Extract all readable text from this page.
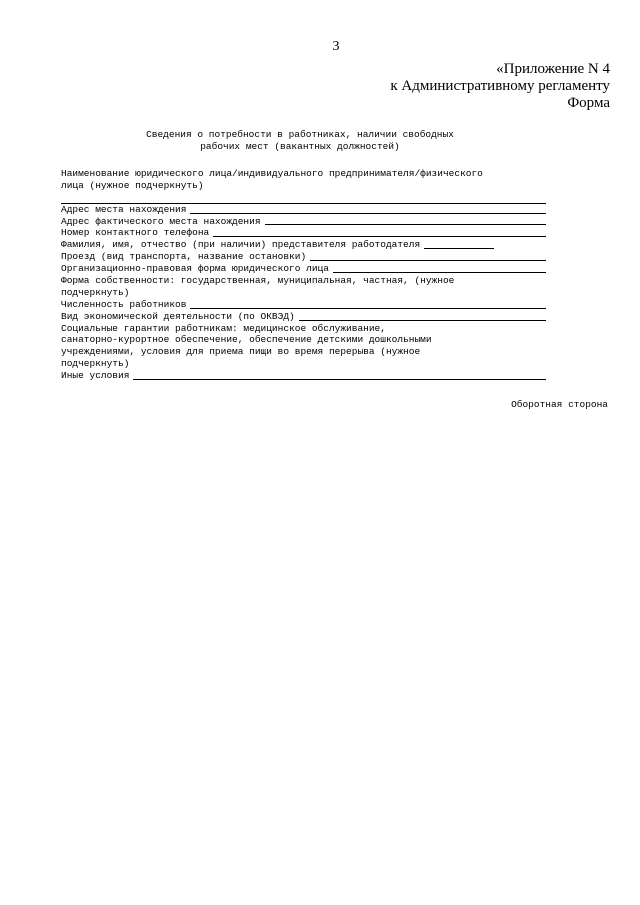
3
«Приложение N 4
к Административному регламенту
Форма
Сведения о потребности в работниках, наличии свободных
рабочих мест (вакантных должностей)
Наименование юридического лица/индивидуального предпринимателя/физического
лица (нужное подчеркнуть)
Адрес места нахождения
Адрес фактического места нахождения
Номер контактного телефона
Фамилия, имя, отчество (при наличии) представителя работодателя
Проезд (вид транспорта, название остановки)
Организационно-правовая форма юридического лица
Форма собственности: государственная, муниципальная, частная, (нужное
подчеркнуть)
Численность работников
Вид экономической деятельности (по ОКВЭД)
Социальные гарантии работникам: медицинское обслуживание,
санаторно-курортное обеспечение, обеспечение детскими дошкольными
учреждениями, условия для приема пищи во время перерыва (нужное
подчеркнуть)
Иные условия
Оборотная сторона
